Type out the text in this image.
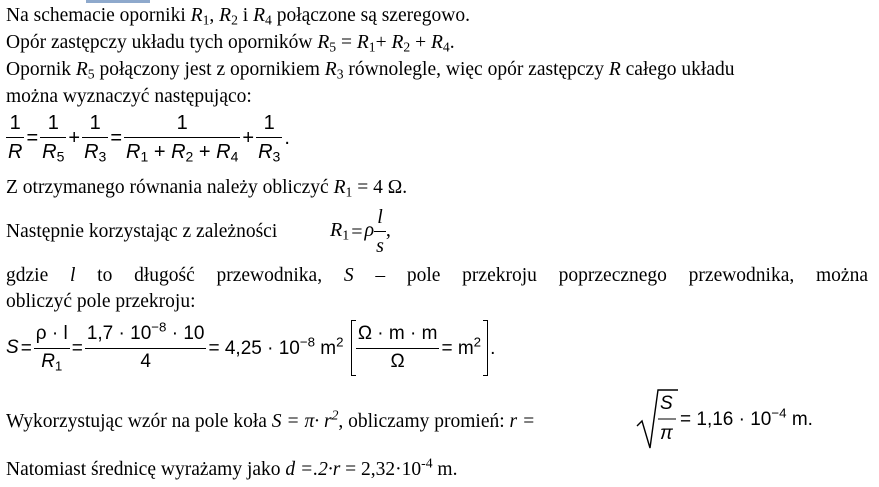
Na schemacie oporniki $R_1$, $R_2$ i $R_4$ połączone są szeregowo.
Opór zastępczy układu tych oporników $R_5 = R_1+ R_2 + R_4$.
Opornik $R_5$ połączony jest z opornikiem $R_3$ równolegle, więc opór zastępczy R całego układu
można wyznaczyć następująco:
$\frac{1}{R} = \frac{1}{R_5} + \frac{1}{R_3} = \frac{1}{R_1 + R_2 + R_4} + \frac{1}{R_3}$ .
Z otrzymanego równania należy obliczyć $R_1 = 4$ Ω.
Następnie korzystając z zależności	$R_1 = \rho \frac{l}{s}$ ,
gdzie l to długość przewodnika, S – pole przekroju poprzecznego przewodnika, można
obliczyć pole przekroju:
$S = \frac{\rho \cdot l}{R_1} = \frac{1,7 \cdot 10^{-8} \cdot 10}{4} = 4,25 \cdot 10^{-8}$ $m^2 \frac{\Omega \cdot m \cdot m}{\Omega} = m^2$ .
Wykorzystując wzór na pole koła $S = \pi\cdot r^2$, obliczamy promień: r =
S
π
= $1,16 \cdot 10^{-4}$ m.
Natomiast średnicę wyrażamy jako $d =.2\cdot r = 2,32\cdot 10^{-4}$ m.
